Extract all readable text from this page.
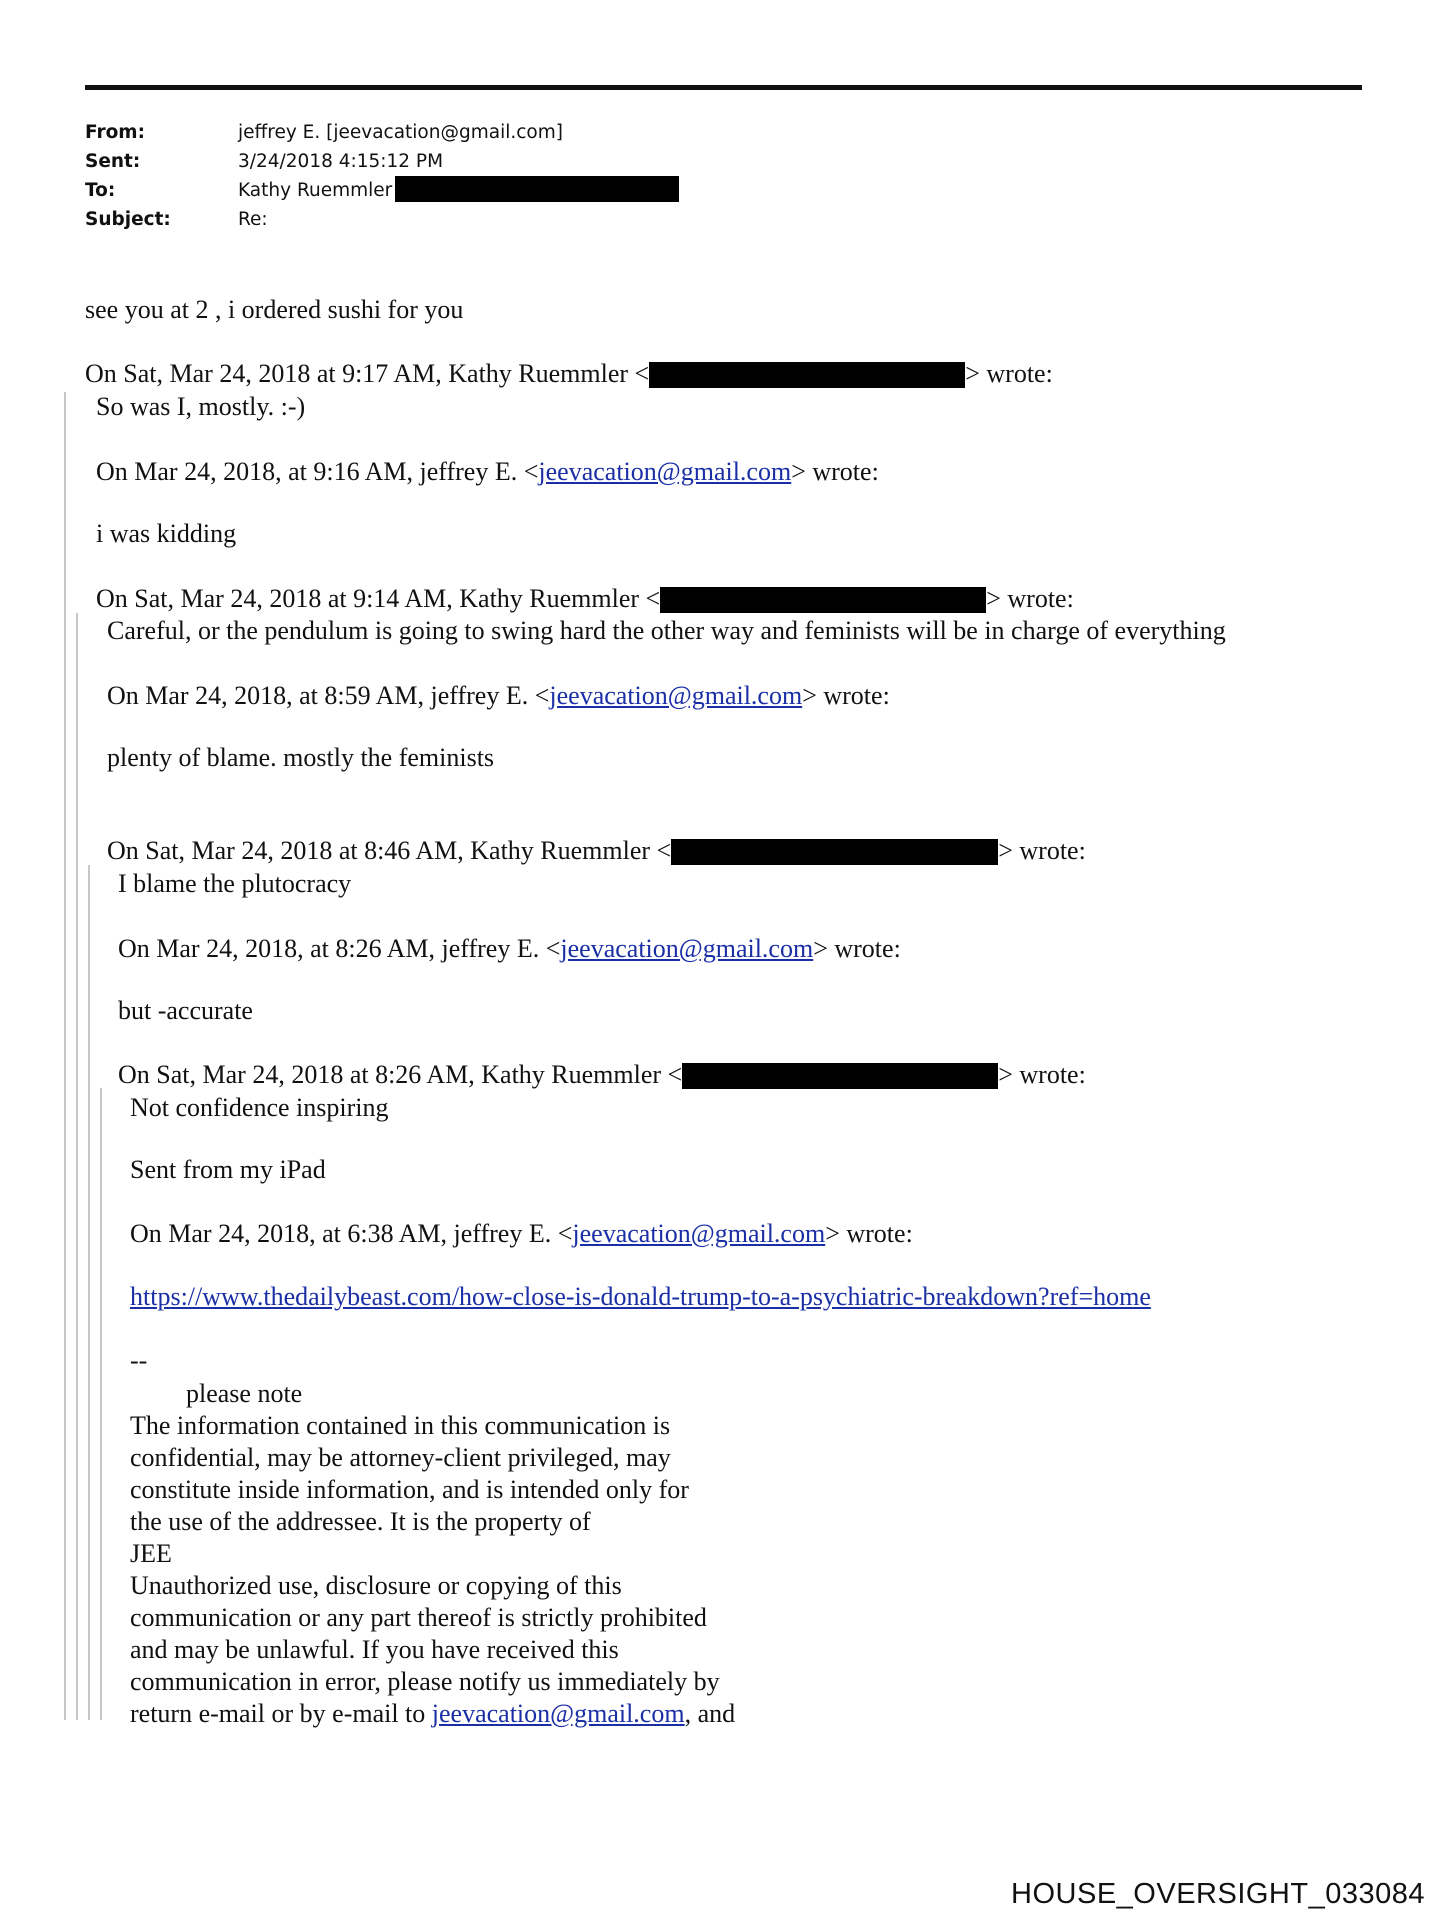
From:	jeffrey E. [jeevacation@gmail.com]
Sent:	3/24/2018 4:15:12 PM
To:	Kathy Ruemmler
Subject:	Re:
see you at 2 , i ordered sushi for you
On Sat, Mar 24, 2018 at 9:17 AM, Kathy Ruemmler <	> wrote:
So was I, mostly. :-)
On Mar 24, 2018, at 9:16 AM, jeffrey E. <jeevacation@gmail.com> wrote:
i was kidding
On Sat, Mar 24, 2018 at 9:14 AM, Kathy Ruemmler <	> wrote:
Careful, or the pendulum is going to swing hard the other way and feminists will be in charge of everything
On Mar 24, 2018, at 8:59 AM, jeffrey E. <jeevacation@gmail.com> wrote:
plenty of blame. mostly the feminists
On Sat, Mar 24, 2018 at 8:46 AM, Kathy Ruemmler <	> wrote:
I blame the plutocracy
On Mar 24, 2018, at 8:26 AM, jeffrey E. <jeevacation@gmail.com> wrote:
but -accurate
On Sat, Mar 24, 2018 at 8:26 AM, Kathy Ruemmler <	> wrote:
Not confidence inspiring
Sent from my iPad
On Mar 24, 2018, at 6:38 AM, jeffrey E. <jeevacation@gmail.com> wrote:
https://www.thedailybeast.com/how-close-is-donald-trump-to-a-psychiatric-breakdown?ref=home
--
please note
The information contained in this communication is
confidential, may be attorney-client privileged, may
constitute inside information, and is intended only for
the use of the addressee. It is the property of
JEE
Unauthorized use, disclosure or copying of this
communication or any part thereof is strictly prohibited
and may be unlawful. If you have received this
communication in error, please notify us immediately by
return e-mail or by e-mail to jeevacation@gmail.com, and
HOUSE_OVERSIGHT_033084
